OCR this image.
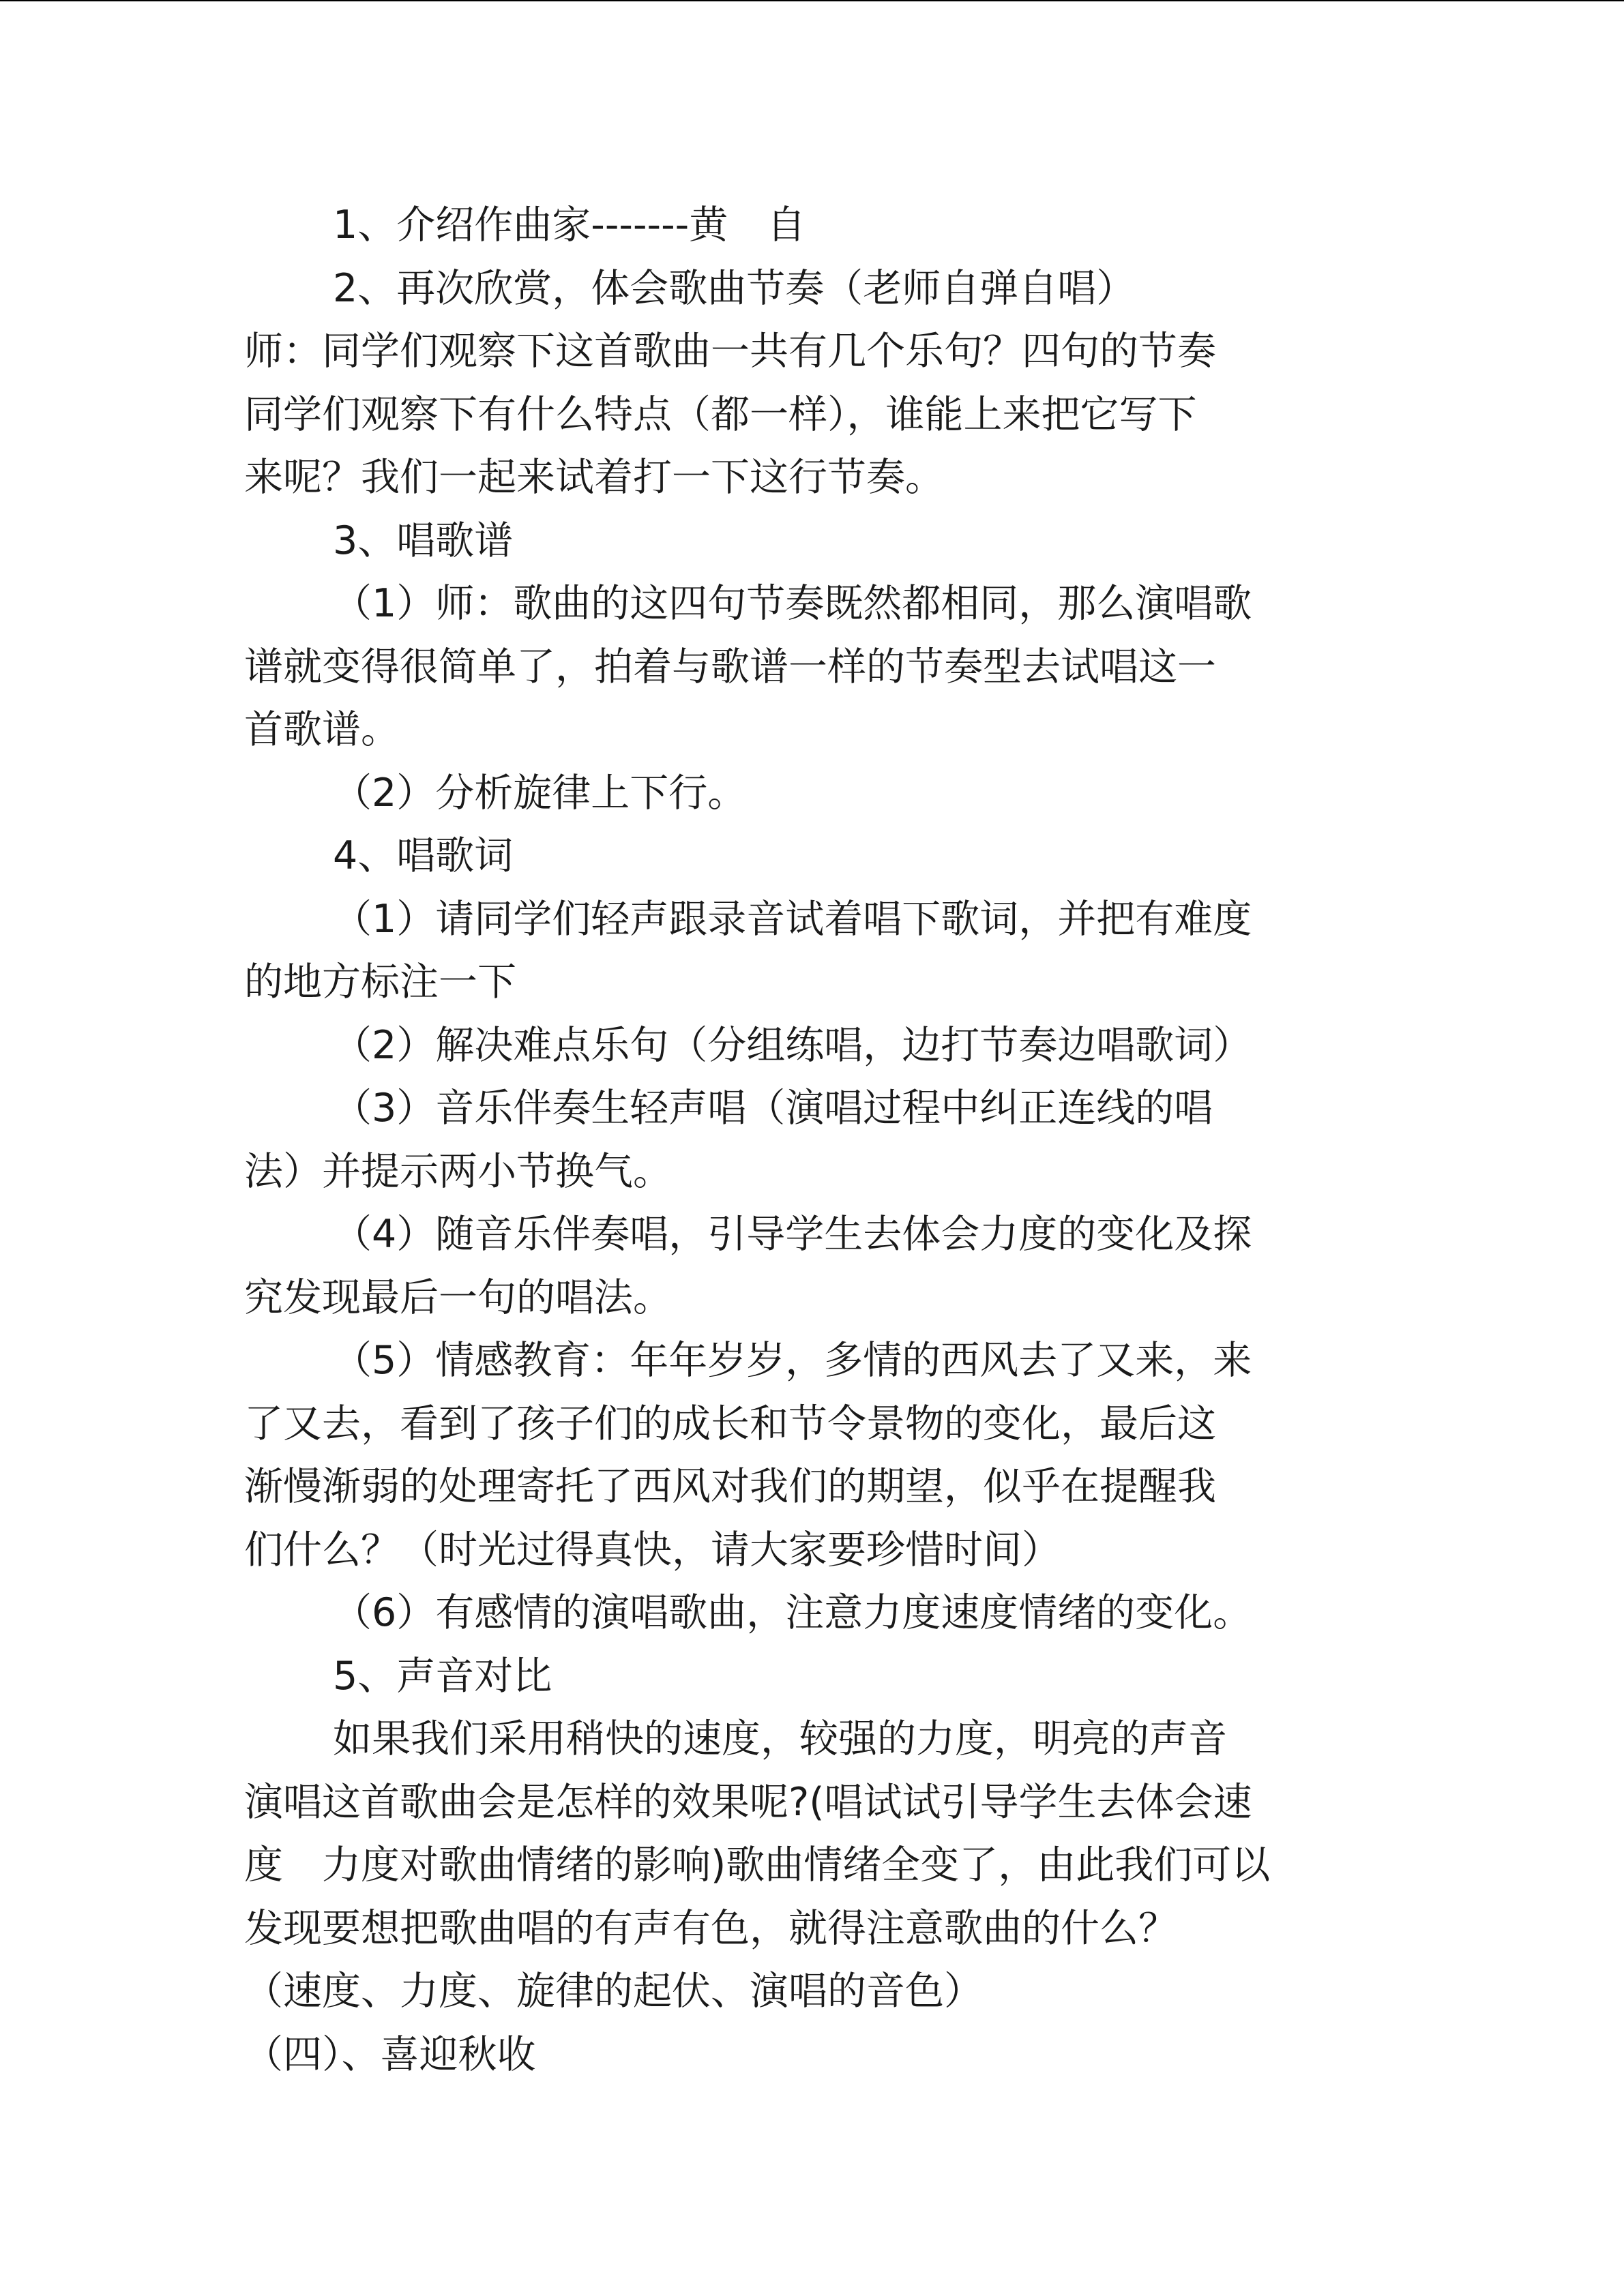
1、介绍作曲家-------黄　自
2、再次欣赏，体会歌曲节奏（老师自弹自唱）
师：同学们观察下这首歌曲一共有几个乐句？四句的节奏
同学们观察下有什么特点（都一样），谁能上来把它写下
来呢？我们一起来试着打一下这行节奏。
3、唱歌谱
（1）师：歌曲的这四句节奏既然都相同，那么演唱歌
谱就变得很简单了，拍着与歌谱一样的节奏型去试唱这一
首歌谱。
（2）分析旋律上下行。
4、唱歌词
（1）请同学们轻声跟录音试着唱下歌词，并把有难度
的地方标注一下
（2）解决难点乐句（分组练唱，边打节奏边唱歌词）
（3）音乐伴奏生轻声唱（演唱过程中纠正连线的唱
法）并提示两小节换气。
（4）随音乐伴奏唱，引导学生去体会力度的变化及探
究发现最后一句的唱法。
（5）情感教育：年年岁岁，多情的西风去了又来，来
了又去，看到了孩子们的成长和节令景物的变化，最后这
渐慢渐弱的处理寄托了西风对我们的期望，似乎在提醒我
们什么？（时光过得真快，请大家要珍惜时间）
（6）有感情的演唱歌曲，注意力度速度情绪的变化。
5、声音对比
如果我们采用稍快的速度，较强的力度，明亮的声音
演唱这首歌曲会是怎样的效果呢?(唱试试引导学生去体会速
度　力度对歌曲情绪的影响)歌曲情绪全变了，由此我们可以
发现要想把歌曲唱的有声有色，就得注意歌曲的什么？
（速度、力度、旋律的起伏、演唱的音色）
（四）、喜迎秋收
